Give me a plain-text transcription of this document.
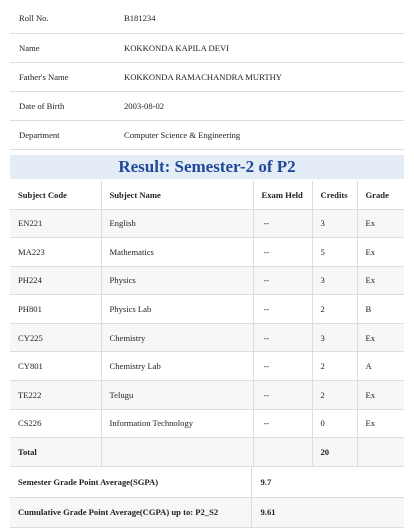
Roll No.	B181234
Name	KOKKONDA KAPILA DEVI
Father's Name	KOKKONDA RAMACHANDRA MURTHY
Date of Birth	2003-08-02
Department	Computer Science & Engineering
Result: Semester-2 of P2
Subject Code	Subject Name	Exam Held	Credits	Grade
EN221	English	--	3	Ex
MA223	Mathematics	--	5	Ex
PH224	Physics	--	3	Ex
PH801	Physics Lab	--	2	B
CY225	Chemistry	--	3	Ex
CY801	Chemistry Lab	--	2	A
TE222	Telugu	--	2	Ex
CS226	Information Technology	--	0	Ex
Total			20	
Semester Grade Point Average(SGPA)	9.7
Cumulative Grade Point Average(CGPA) up to: P2_S2	9.61
